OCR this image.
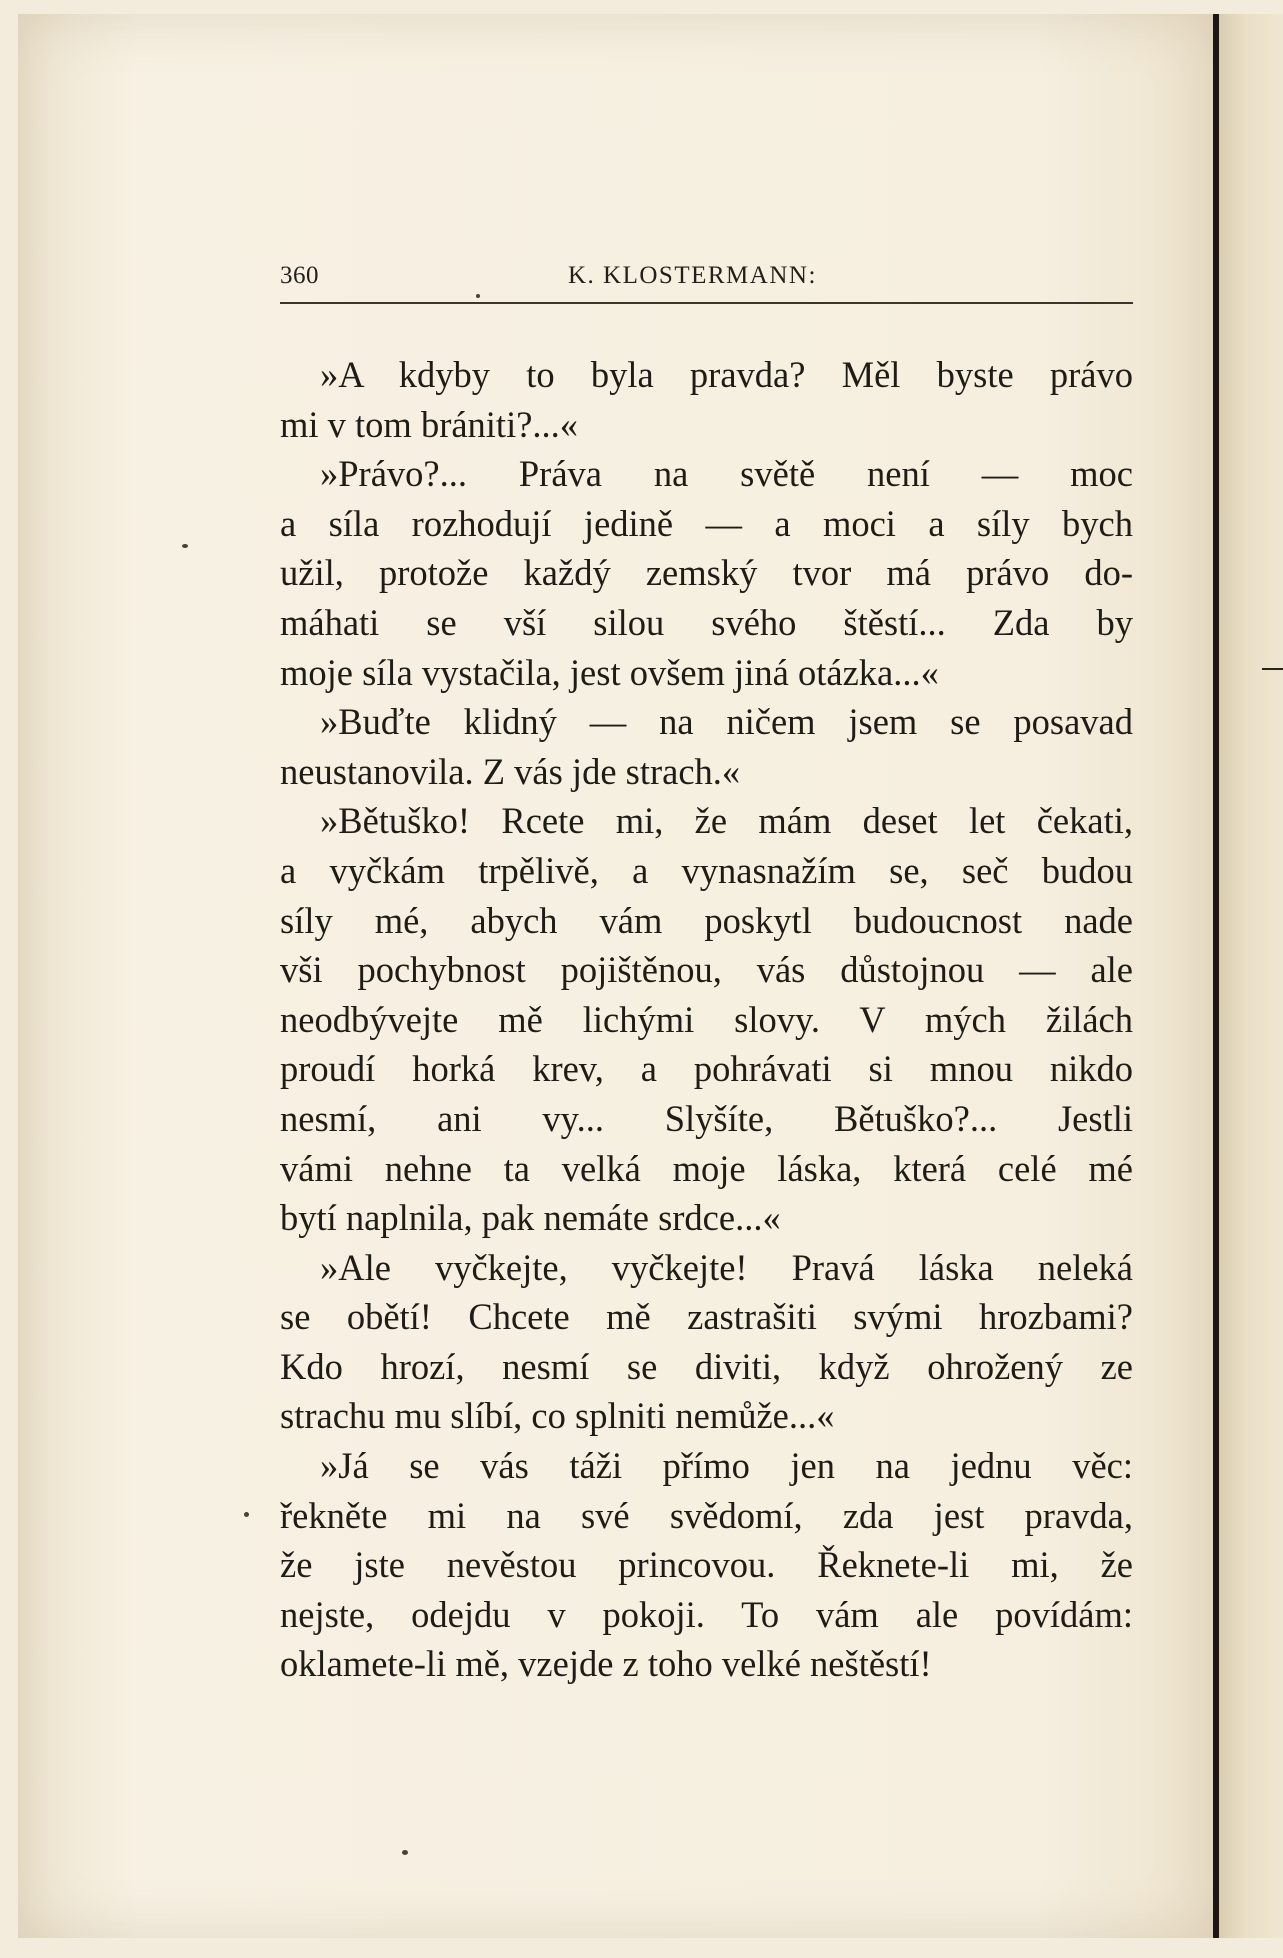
360	K. KLOSTERMANN:
»A kdyby to byla pravda? Měl byste právo
mi v tom brániti?...«
»Právo?... Práva na světě není — moc
a síla rozhodují jedině — a moci a síly bych
užil, protože každý zemský tvor má právo do-
máhati se vší silou svého štěstí... Zda by
moje síla vystačila, jest ovšem jiná otázka...«
»Buďte klidný — na ničem jsem se posavad
neustanovila. Z vás jde strach.«
»Bětuško! Rcete mi, že mám deset let čekati,
a vyčkám trpělivě, a vynasnažím se, seč budou
síly mé, abych vám poskytl budoucnost nade
vši pochybnost pojištěnou, vás důstojnou — ale
neodbývejte mě lichými slovy. V mých žilách
proudí horká krev, a pohrávati si mnou nikdo
nesmí, ani vy... Slyšíte, Bětuško?... Jestli
vámi nehne ta velká moje láska, která celé mé
bytí naplnila, pak nemáte srdce...«
»Ale vyčkejte, vyčkejte! Pravá láska neleká
se obětí! Chcete mě zastrašiti svými hrozbami?
Kdo hrozí, nesmí se diviti, když ohrožený ze
strachu mu slíbí, co splniti nemůže...«
»Já se vás táži přímo jen na jednu věc:
řekněte mi na své svědomí, zda jest pravda,
že jste nevěstou princovou. Řeknete-li mi, že
nejste, odejdu v pokoji. To vám ale povídám:
oklamete-li mě, vzejde z toho velké neštěstí!
